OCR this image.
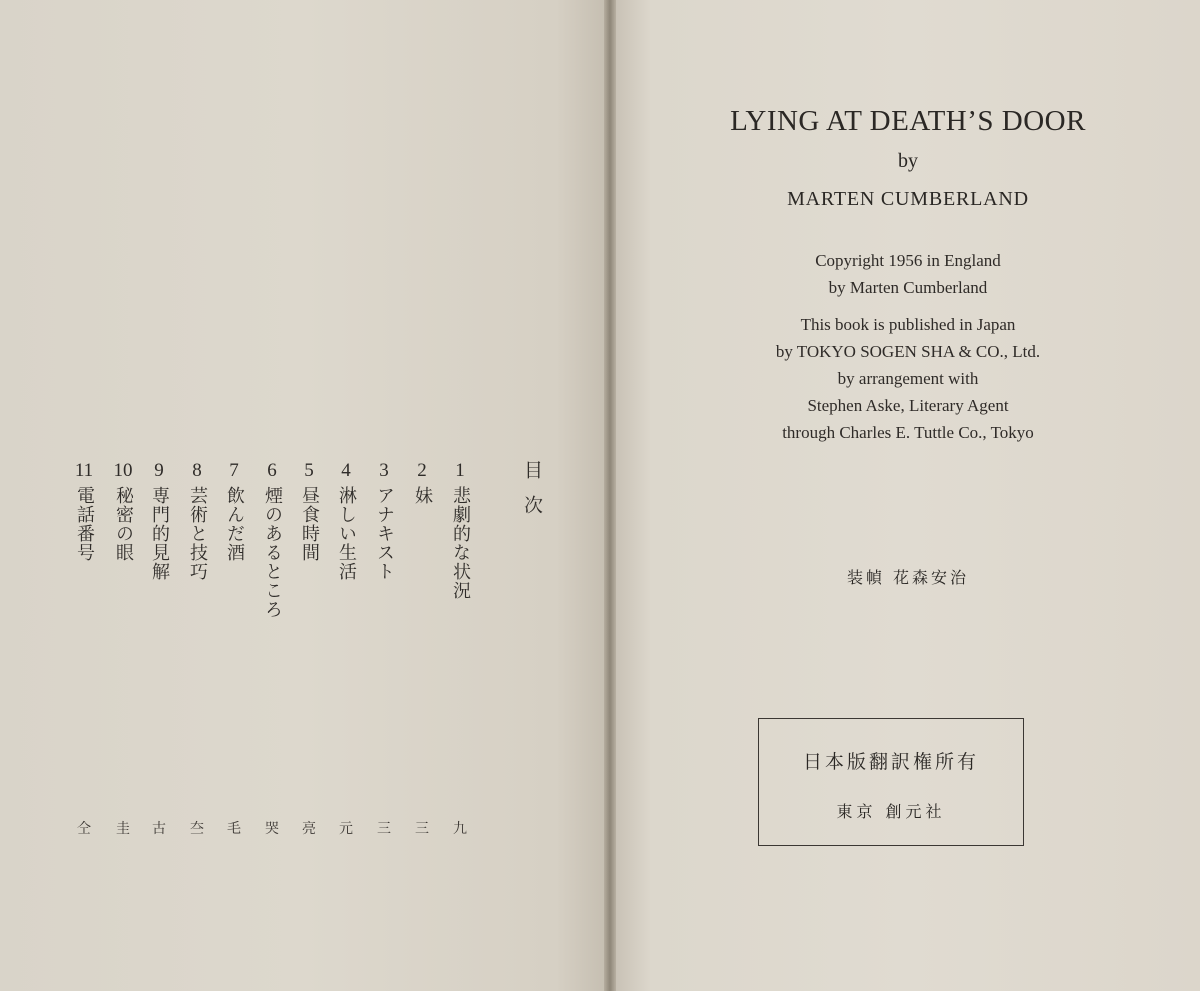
目次
1
悲劇的な状況
2
妹
3
アナキスト
4
淋しい生活
5
昼食時間
6
煙のあるところ
7
飲んだ酒
8
芸術と技巧
9
専門的見解
10
秘密の眼
11
電話番号
九
三
三
元
亮
哭
毛
夳
古
圭
仝
LYING AT DEATH’S DOOR
by
MARTEN CUMBERLAND
Copyright 1956 in England
by Marten Cumberland
This book is published in Japan
by TOKYO SOGEN SHA & CO., Ltd.
by arrangement with
Stephen Aske, Literary Agent
through Charles E. Tuttle Co., Tokyo
装幀 花森安治
日本版翻訳権所有
東京 創元社
